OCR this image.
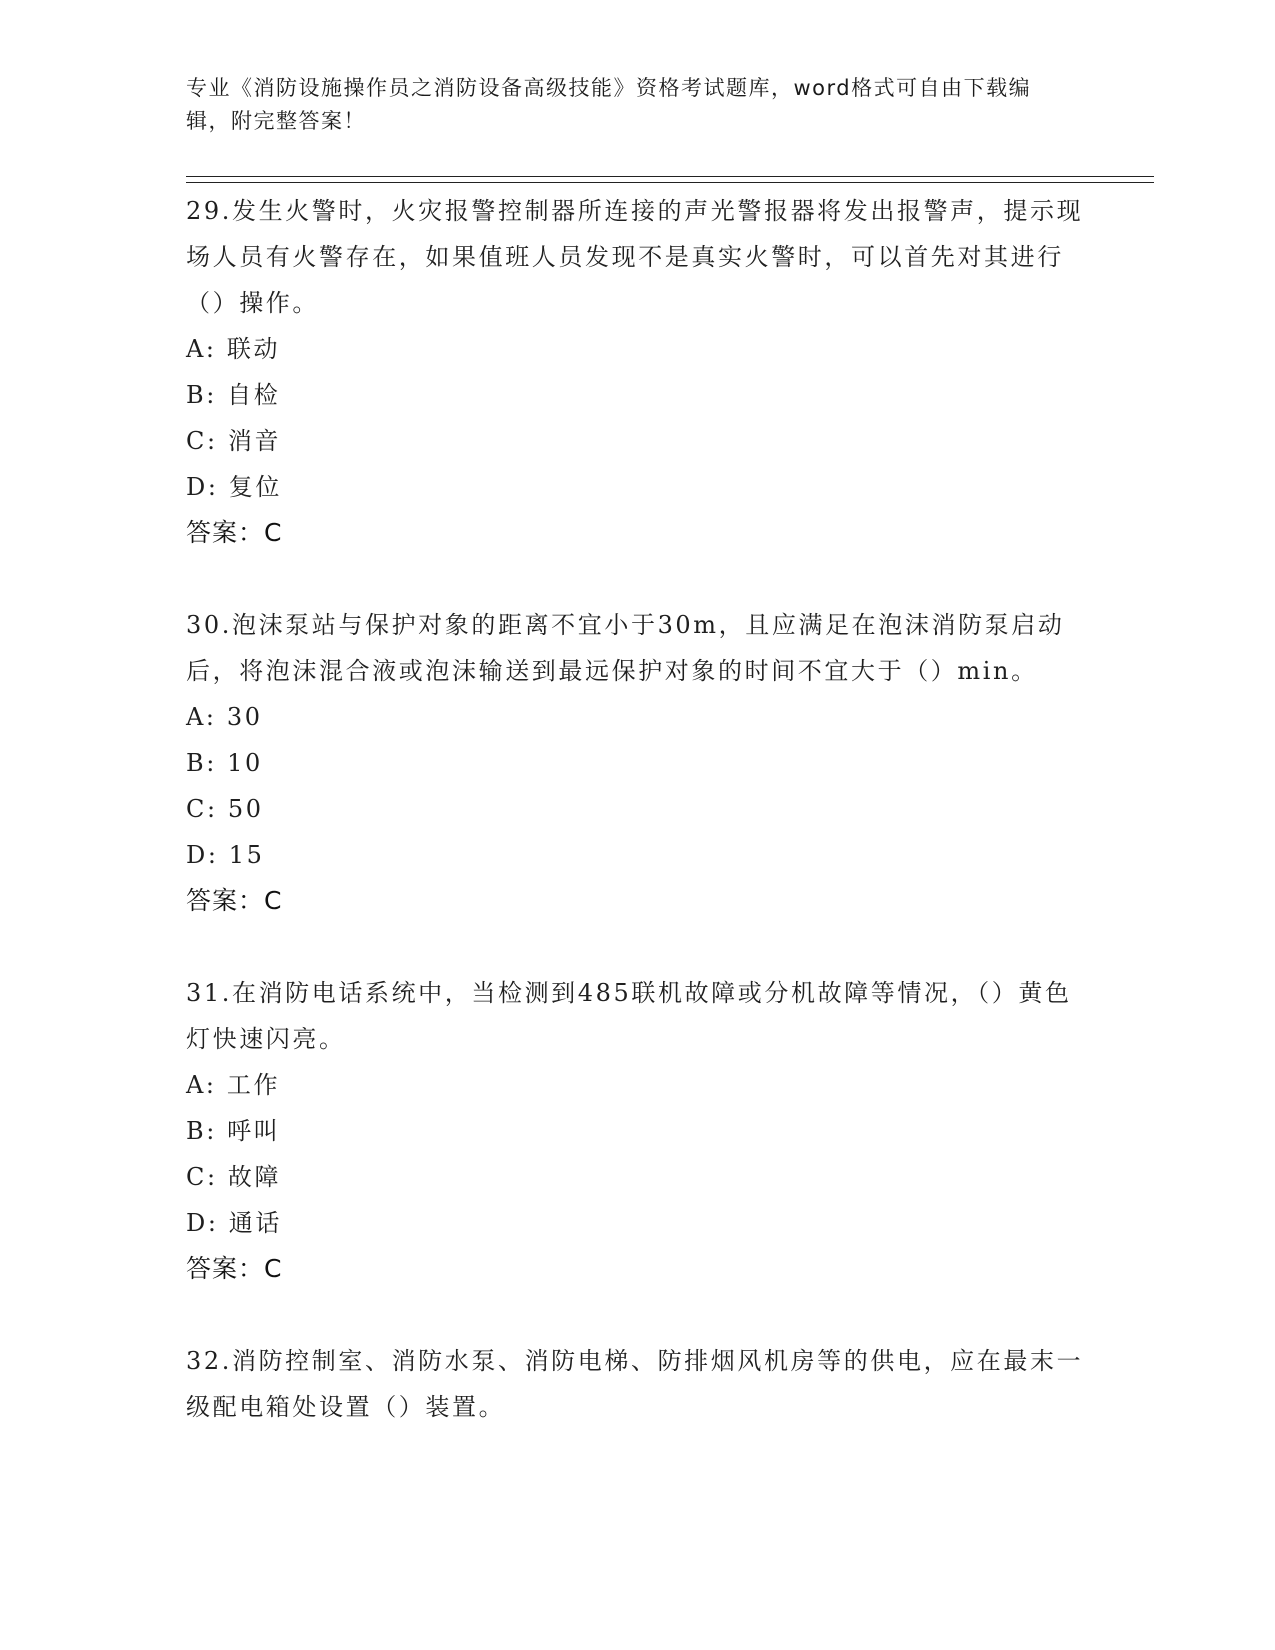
专业《消防设施操作员之消防设备高级技能》资格考试题库，word格式可自由下载编辑，附完整答案！
29.发生火警时，火灾报警控制器所连接的声光警报器将发出报警声，提示现场人员有火警存在，如果值班人员发现不是真实火警时，可以首先对其进行（）操作。
A: 联动
B: 自检
C: 消音
D: 复位
答案：C
30.泡沫泵站与保护对象的距离不宜小于30m，且应满足在泡沫消防泵启动后，将泡沫混合液或泡沫输送到最远保护对象的时间不宜大于（）min。
A: 30
B: 10
C: 50
D: 15
答案：C
31.在消防电话系统中，当检测到485联机故障或分机故障等情况，（）黄色灯快速闪亮。
A: 工作
B: 呼叫
C: 故障
D: 通话
答案：C
32.消防控制室、消防水泵、消防电梯、防排烟风机房等的供电，应在最末一级配电箱处设置（）装置。
